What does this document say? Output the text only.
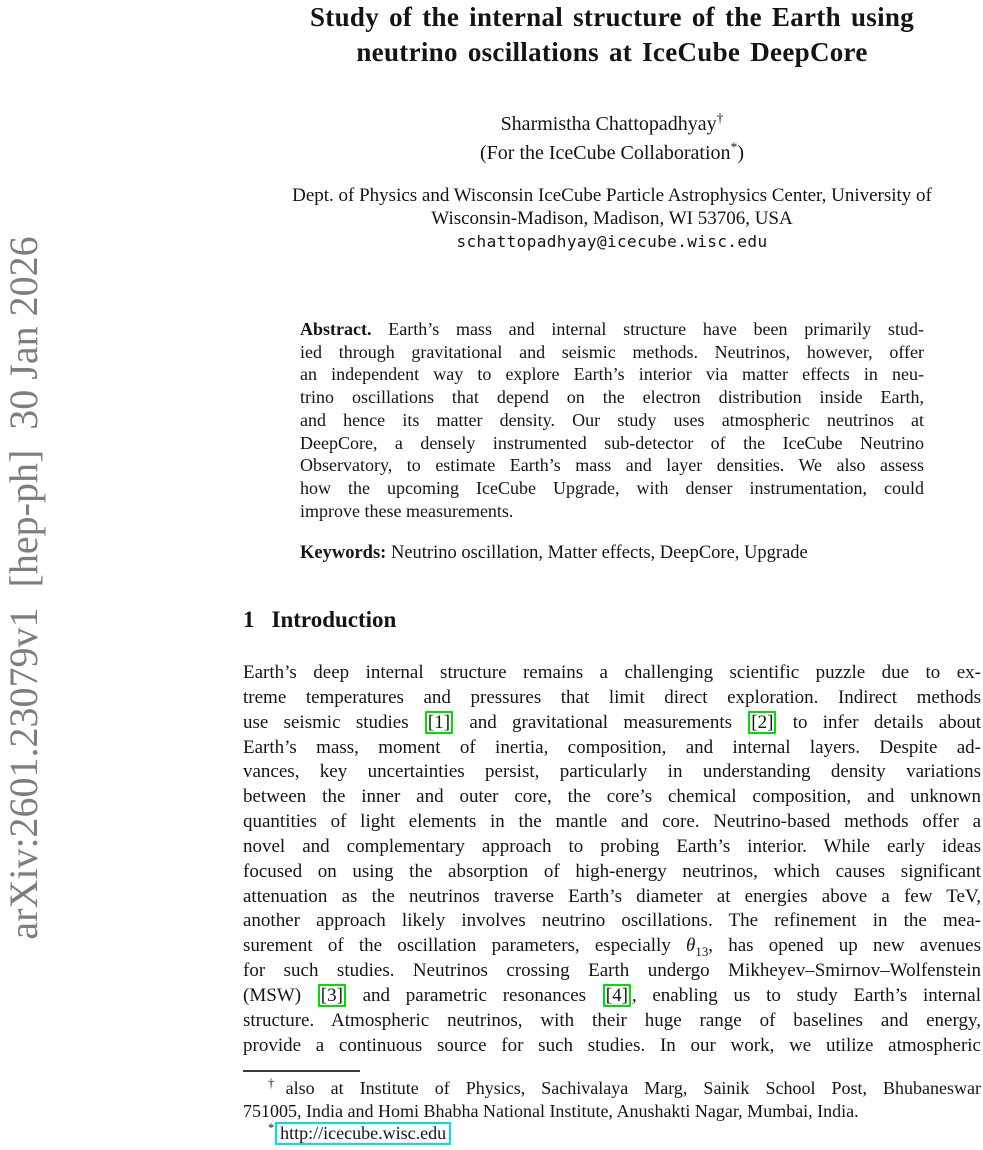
arXiv:2601.23079v1  [hep-ph]  30 Jan 2026
Study of the internal structure of the Earth using
neutrino oscillations at IceCube DeepCore
Sharmistha Chattopadhyay†
(For the IceCube Collaboration*)
Dept. of Physics and Wisconsin IceCube Particle Astrophysics Center, University of
Wisconsin-Madison, Madison, WI 53706, USA
schattopadhyay@icecube.wisc.edu
Abstract. Earth’s mass and internal structure have been primarily stud-
ied through gravitational and seismic methods. Neutrinos, however, offer
an independent way to explore Earth’s interior via matter effects in neu-
trino oscillations that depend on the electron distribution inside Earth,
and hence its matter density. Our study uses atmospheric neutrinos at
DeepCore, a densely instrumented sub-detector of the IceCube Neutrino
Observatory, to estimate Earth’s mass and layer densities. We also assess
how the upcoming IceCube Upgrade, with denser instrumentation, could
improve these measurements.
Keywords: Neutrino oscillation, Matter effects, DeepCore, Upgrade
1 Introduction
Earth’s deep internal structure remains a challenging scientific puzzle due to ex-
treme temperatures and pressures that limit direct exploration. Indirect methods
use seismic studies [1] and gravitational measurements [2] to infer details about
Earth’s mass, moment of inertia, composition, and internal layers. Despite ad-
vances, key uncertainties persist, particularly in understanding density variations
between the inner and outer core, the core’s chemical composition, and unknown
quantities of light elements in the mantle and core. Neutrino-based methods offer a
novel and complementary approach to probing Earth’s interior. While early ideas
focused on using the absorption of high-energy neutrinos, which causes significant
attenuation as the neutrinos traverse Earth’s diameter at energies above a few TeV,
another approach likely involves neutrino oscillations. The refinement in the mea-
surement of the oscillation parameters, especially $\theta_{13}$, has opened up new avenues
for such studies. Neutrinos crossing Earth undergo Mikheyev–Smirnov–Wolfenstein
(MSW) [3] and parametric resonances [4] , enabling us to study Earth’s internal
structure. Atmospheric neutrinos, with their huge range of baselines and energy,
provide a continuous source for such studies. In our work, we utilize atmospheric
†also at Institute of Physics, Sachivalaya Marg, Sainik School Post, Bhubaneswar
751005, India and Homi Bhabha National Institute, Anushakti Nagar, Mumbai, India.
* http://icecube.wisc.edu
